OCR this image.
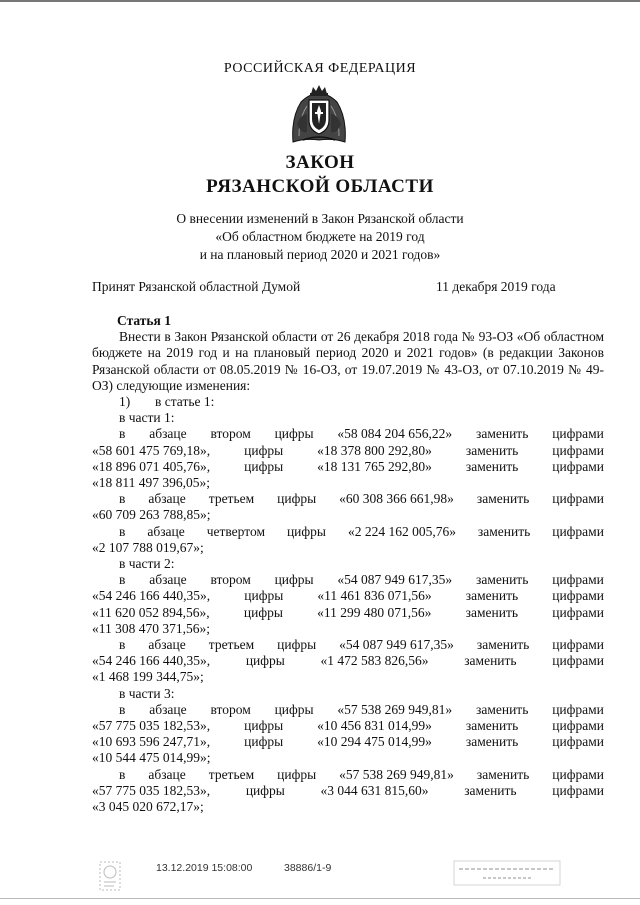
РОССИЙСКАЯ ФЕДЕРАЦИЯ
ЗАКОН
РЯЗАНСКОЙ ОБЛАСТИ
О внесении изменений в Закон Рязанской области
«Об областном бюджете на 2019 год
и на плановый период 2020 и 2021 годов»
Принят Рязанской областной Думой	11 декабря 2019 года
Статья 1
Внести в Закон Рязанской области от 26 декабря 2018 года № 93-ОЗ «Об областном бюджете на 2019 год и на плановый период 2020 и 2021 годов» (в редакции Законов Рязанской области от 08.05.2019 № 16-ОЗ, от 19.07.2019 № 43-ОЗ, от 07.10.2019 № 49-ОЗ) следующие изменения:
1) в статье 1:
в части 1:
в абзаце втором цифры «58 084 204 656,22» заменить цифрами
«58 601 475 769,18»,	цифры	«18 378 800 292,80»	заменить	цифрами
«18 896 071 405,76»,	цифры	«18 131 765 292,80»	заменить	цифрами
«18 811 497 396,05»;
в абзаце третьем цифры «60 308 366 661,98» заменить цифрами
«60 709 263 788,85»;
в абзаце четвертом цифры «2 224 162 005,76» заменить цифрами
«2 107 788 019,67»;
в части 2:
в абзаце втором цифры «54 087 949 617,35» заменить цифрами
«54 246 166 440,35»,	цифры	«11 461 836 071,56»	заменить	цифрами
«11 620 052 894,56»,	цифры	«11 299 480 071,56»	заменить	цифрами
«11 308 470 371,56»;
в абзаце третьем цифры «54 087 949 617,35» заменить цифрами
«54 246 166 440,35»,	цифры	«1 472 583 826,56»	заменить	цифрами
«1 468 199 344,75»;
в части 3:
в абзаце втором цифры «57 538 269 949,81» заменить цифрами
«57 775 035 182,53»,	цифры	«10 456 831 014,99»	заменить	цифрами
«10 693 596 247,71»,	цифры	«10 294 475 014,99»	заменить	цифрами
«10 544 475 014,99»;
в абзаце третьем цифры «57 538 269 949,81» заменить цифрами
«57 775 035 182,53»,	цифры	«3 044 631 815,60»	заменить	цифрами
«3 045 020 672,17»;
13.12.2019 15:08:00	38886/1-9
